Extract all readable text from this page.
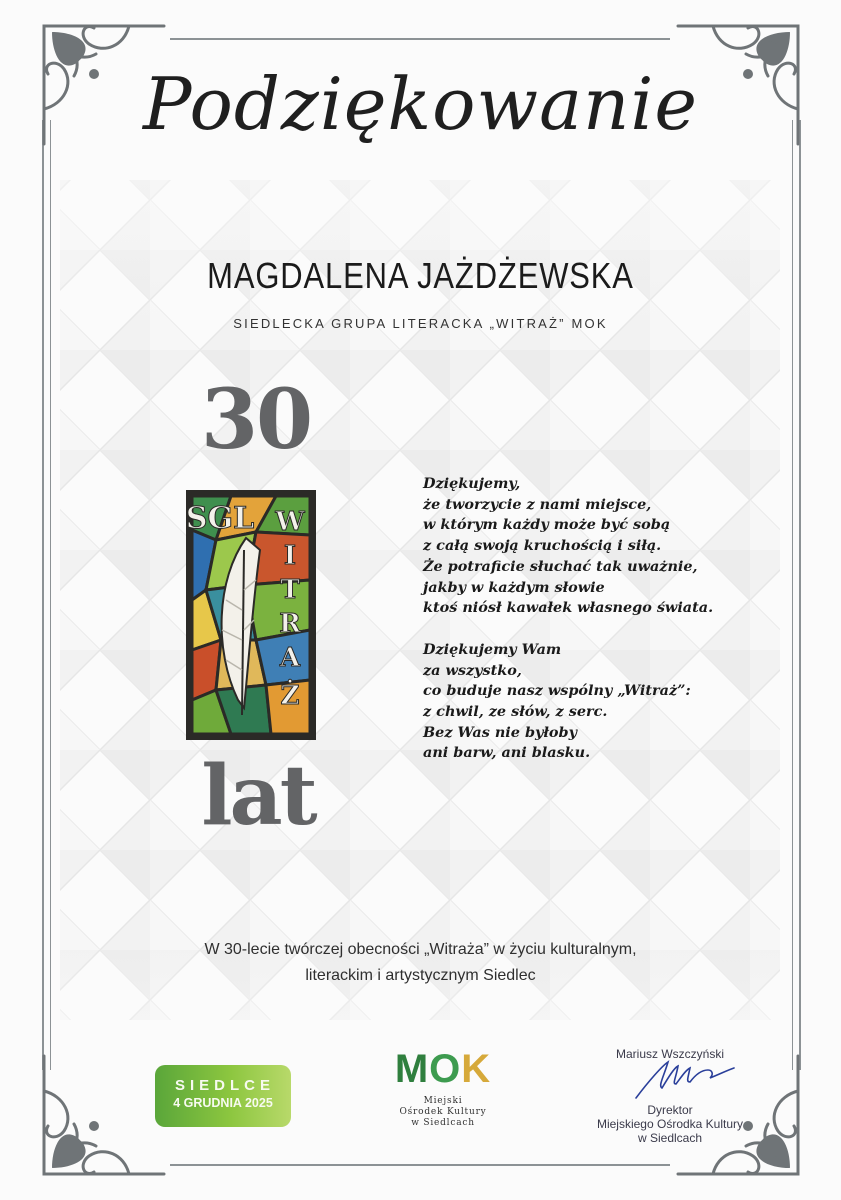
Podziękowanie
MAGDALENA JAŻDŻEWSKA
SIEDLECKA GRUPA LITERACKA „WITRAŻ” MOK
30
SGL W
I
T
R
A
Ż
lat
Dziękujemy,
że tworzycie z nami miejsce,
w którym każdy może być sobą
z całą swoją kruchością i siłą.
Że potraficie słuchać tak uważnie,
jakby w każdym słowie
ktoś niósł kawałek własnego świata.
Dziękujemy Wam
za wszystko,
co buduje nasz wspólny „Witraż”:
z chwil, ze słów, z serc.
Bez Was nie byłoby
ani barw, ani blasku.
W 30-lecie twórczej obecności „Witraża” w życiu kulturalnym,
literackim i artystycznym Siedlec
SIEDLCE
4 GRUDNIA 2025
MOK
Miejski
Ośrodek Kultury
w Siedlcach
Mariusz Wszczyński
Dyrektor
Miejskiego Ośrodka Kultury
w Siedlcach
